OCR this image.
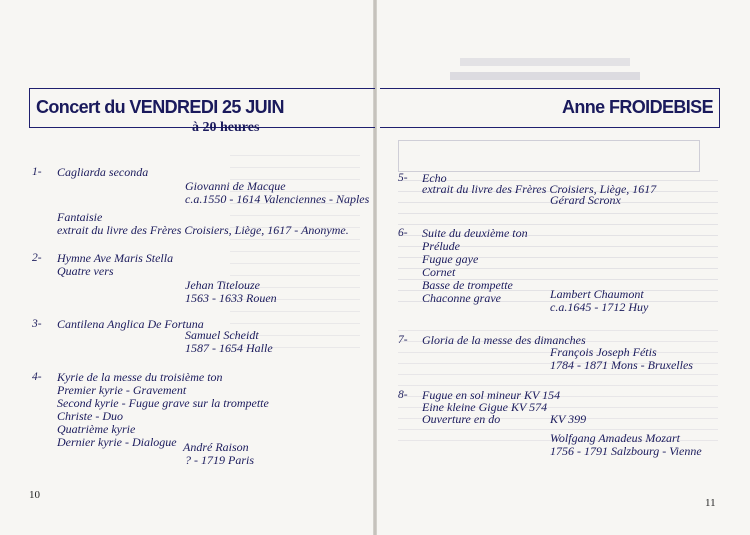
Concert du VENDREDI 25 JUIN
à 20 heures
1- Cagliarda seconda
Giovanni de Macque
c.a.1550 - 1614 Valenciennes - Naples
Fantaisie
extrait du livre des Frères Croisiers, Liège, 1617 - Anonyme.
2- Hymne Ave Maris Stella
Quatre vers
Jehan Titelouze
1563 - 1633 Rouen
3- Cantilena Anglica De Fortuna
Samuel Scheidt
1587 - 1654 Halle
4- Kyrie de la messe du troisième ton
Premier kyrie - Gravement
Second kyrie - Fugue grave sur la trompette
Christe - Duo
Quatrième kyrie
Dernier kyrie - Dialogue André Raison
? - 1719 Paris
10
Anne FROIDEBISE
5- Echo
extrait du livre des Frères Croisiers, Liège, 1617
Gérard Scronx
6- Suite du deuxième ton
Prélude
Fugue gaye
Cornet
Basse de trompette
Chaconne grave	Lambert Chaumont
c.a.1645 - 1712 Huy
7- Gloria de la messe des dimanches
François Joseph Fétis
1784 - 1871 Mons - Bruxelles
8- Fugue en sol mineur KV 154
Eine kleine Gigue KV 574
Ouverture en do	KV 399
Wolfgang Amadeus Mozart
1756 - 1791 Salzbourg - Vienne
11
